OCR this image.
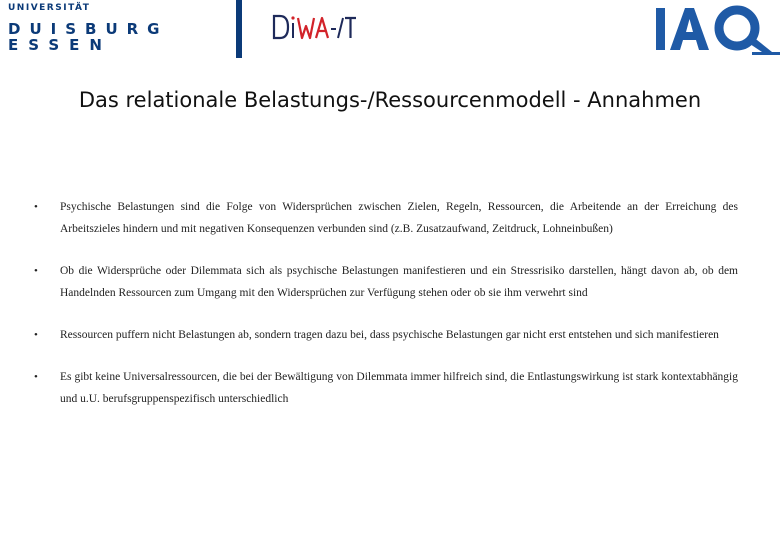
UNIVERSITÄT
DUISBURG
ESSEN
Das relationale Belastungs-/Ressourcenmodell - Annahmen
• Psychische Belastungen sind die Folge von Widersprüchen zwischen Zielen, Regeln, Ressourcen, die Arbeitende an der Erreichung des Arbeitszieles hindern und mit negativen Konsequenzen verbunden sind (z.B. Zusatzaufwand, Zeitdruck, Lohneinbußen)
• Ob die Widersprüche oder Dilemmata sich als psychische Belastungen manifestieren und ein Stressrisiko darstellen, hängt davon ab, ob dem Handelnden Ressourcen zum Umgang mit den Widersprüchen zur Verfügung stehen oder ob sie ihm verwehrt sind
• Ressourcen puffern nicht Belastungen ab, sondern tragen dazu bei, dass psychische Belastungen gar nicht erst entstehen und sich manifestieren
• Es gibt keine Universalressourcen, die bei der Bewältigung von Dilemmata immer hilfreich sind, die Entlastungswirkung ist stark kontextabhängig und u.U. berufsgruppenspezifisch unterschiedlich
